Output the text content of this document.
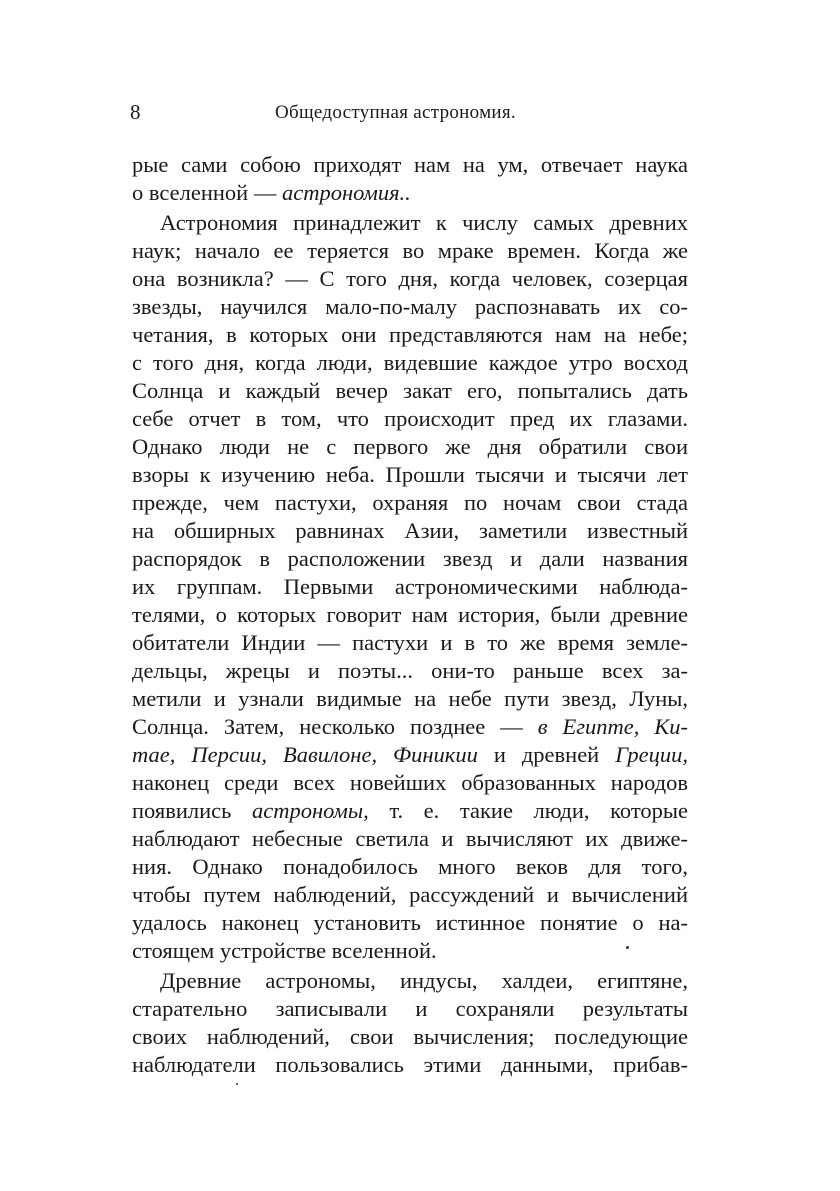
8	Общедоступная астрономия.
рые сами собою приходят нам на ум, отвечает наука
о вселенной — астрономия..
Астрономия принадлежит к числу самых древних
наук; начало ее теряется во мраке времен. Когда же
она возникла? — С того дня, когда человек, созерцая
звезды, научился мало-по-малу распознавать их со-
четания, в которых они представляются нам на небе;
с того дня, когда люди, видевшие каждое утро восход
Солнца и каждый вечер закат его, попытались дать
себе отчет в том, что происходит пред их глазами.
Однако люди не с первого же дня обратили свои
взоры к изучению неба. Прошли тысячи и тысячи лет
прежде, чем пастухи, охраняя по ночам свои стада
на обширных равнинах Азии, заметили известный
распорядок в расположении звезд и дали названия
их группам. Первыми астрономическими наблюда-
телями, о которых говорит нам история, были древние
обитатели Индии — пастухи и в то же время земле-
дельцы, жрецы и поэты... они-то раньше всех за-
метили и узнали видимые на небе пути звезд, Луны,
Солнца. Затем, несколько позднее — в Египте, Ки-
тае, Персии, Вавилоне, Финикии и древней Греции,
наконец среди всех новейших образованных народов
появились астрономы, т. е. такие люди, которые
наблюдают небесные светила и вычисляют их движе-
ния. Однако понадобилось много веков для того,
чтобы путем наблюдений, рассуждений и вычислений
удалось наконец установить истинное понятие о на-
стоящем устройстве вселенной.
Древние астрономы, индусы, халдеи, египтяне,
старательно записывали и сохраняли результаты
своих наблюдений, свои вычисления; последующие
наблюдатели пользовались этими данными, прибав-
